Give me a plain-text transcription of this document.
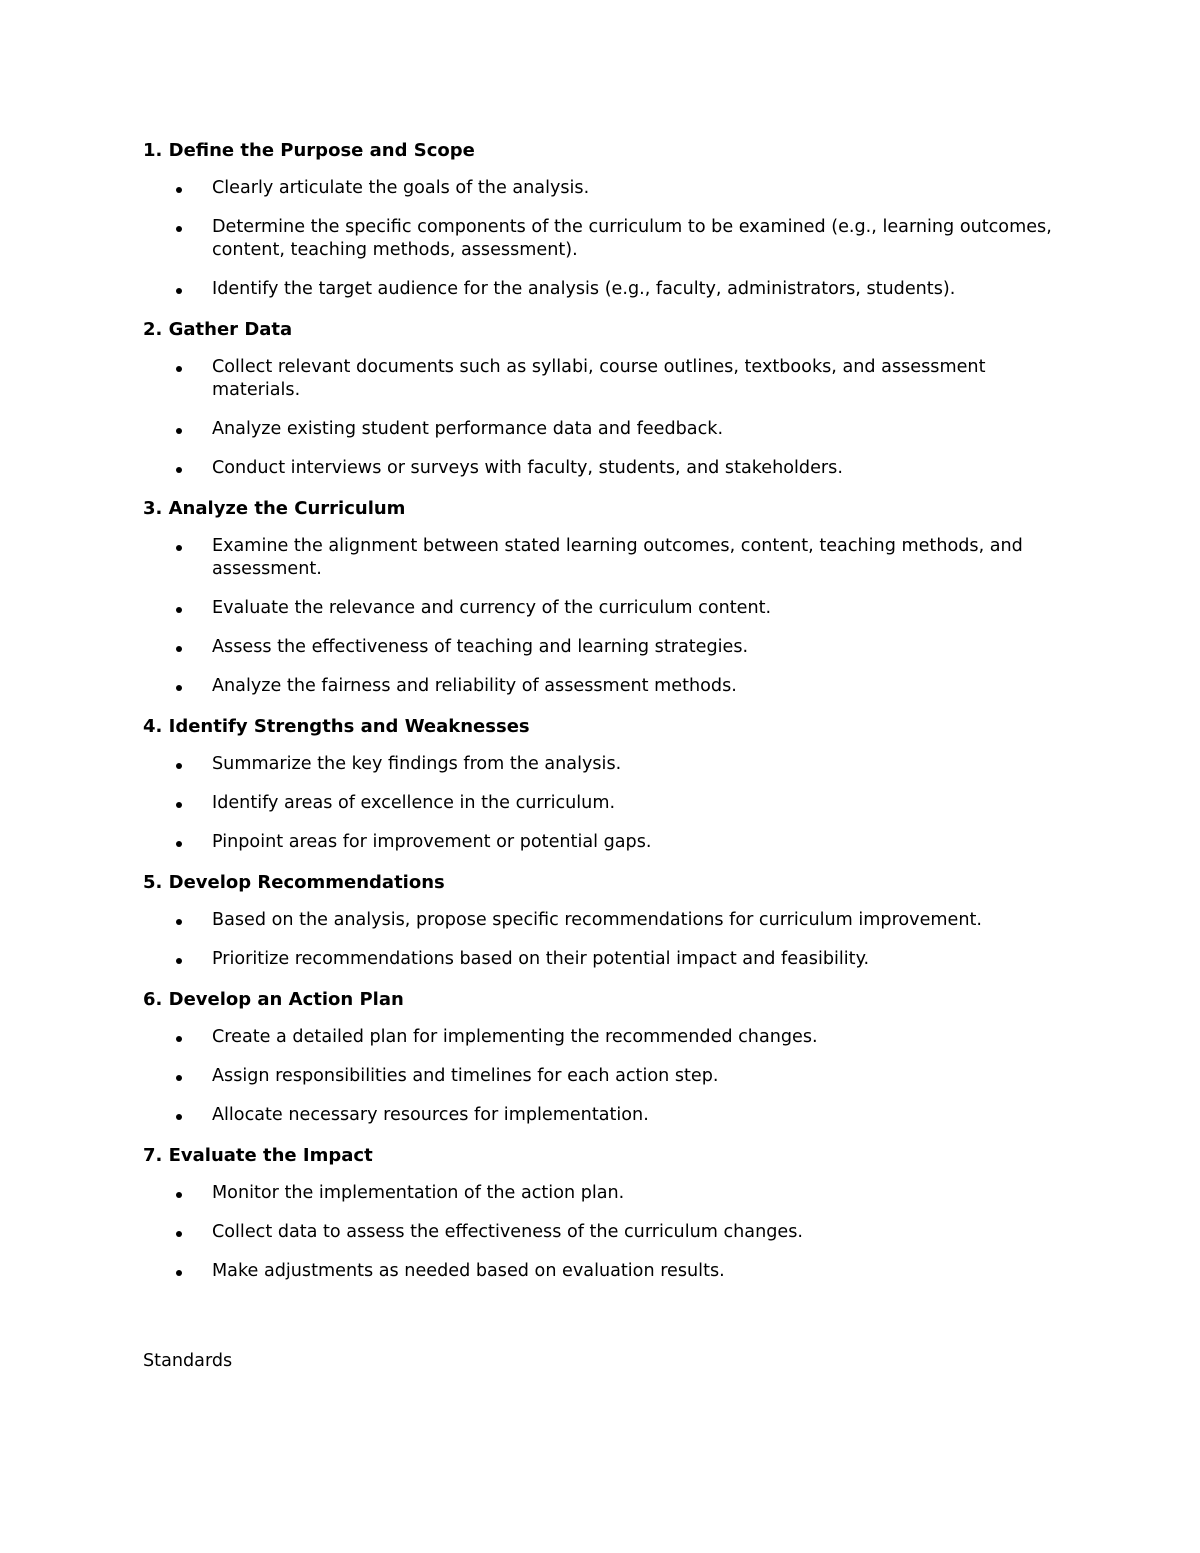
1. Define the Purpose and Scope
Clearly articulate the goals of the analysis.
Determine the specific components of the curriculum to be examined (e.g., learning outcomes, content, teaching methods, assessment).
Identify the target audience for the analysis (e.g., faculty, administrators, students).
2. Gather Data
Collect relevant documents such as syllabi, course outlines, textbooks, and assessment materials.
Analyze existing student performance data and feedback.
Conduct interviews or surveys with faculty, students, and stakeholders.
3. Analyze the Curriculum
Examine the alignment between stated learning outcomes, content, teaching methods, and assessment.
Evaluate the relevance and currency of the curriculum content.
Assess the effectiveness of teaching and learning strategies.
Analyze the fairness and reliability of assessment methods.
4. Identify Strengths and Weaknesses
Summarize the key findings from the analysis.
Identify areas of excellence in the curriculum.
Pinpoint areas for improvement or potential gaps.
5. Develop Recommendations
Based on the analysis, propose specific recommendations for curriculum improvement.
Prioritize recommendations based on their potential impact and feasibility.
6. Develop an Action Plan
Create a detailed plan for implementing the recommended changes.
Assign responsibilities and timelines for each action step.
Allocate necessary resources for implementation.
7. Evaluate the Impact
Monitor the implementation of the action plan.
Collect data to assess the effectiveness of the curriculum changes.
Make adjustments as needed based on evaluation results.
Standards
